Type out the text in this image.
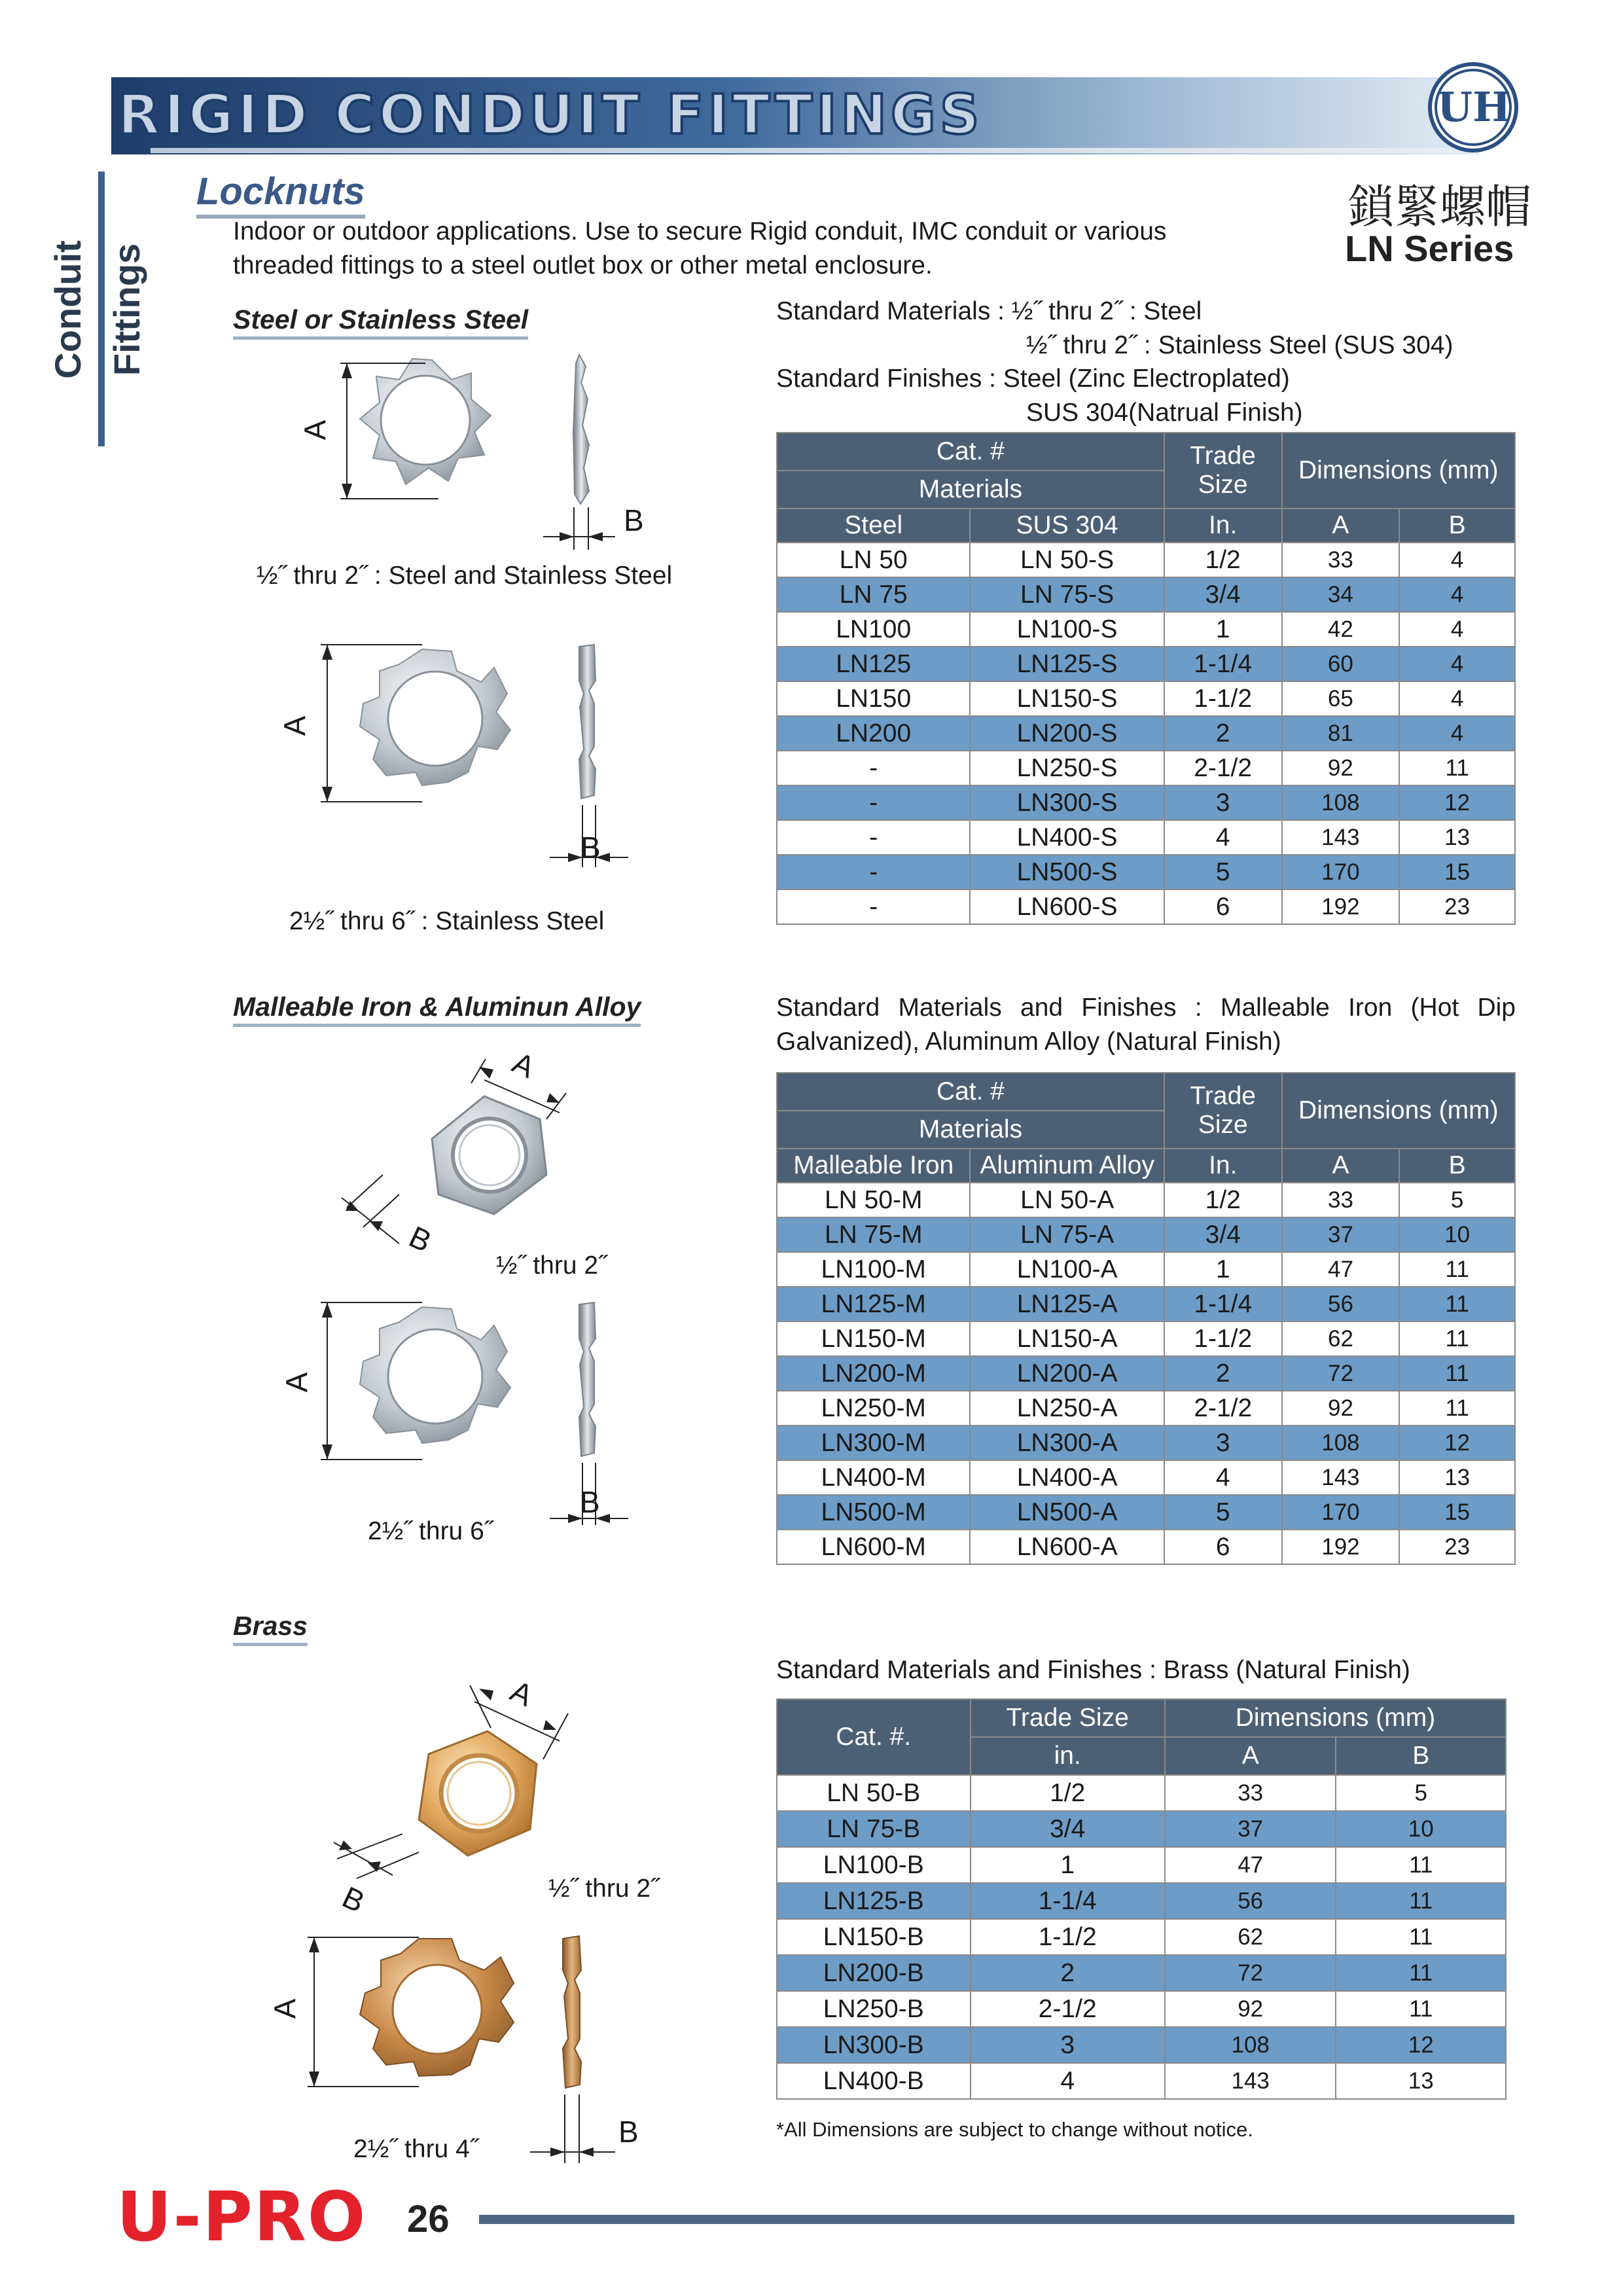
RIGID CONDUIT FITTINGS	UH
Conduit Fittings
Locknuts
Indoor or outdoor applications. Use to secure Rigid conduit, IMC conduit or various
threaded fittings to a steel outlet box or other metal enclosure.
鎖緊螺帽
LN Series
Steel or Stainless Steel
A
B
½˝ thru 2˝ : Steel and Stainless Steel
A
B
2½˝ thru 6˝ : Stainless Steel
Standard Materials : ½˝ thru 2˝ : Steel
½˝ thru 2˝ : Stainless Steel (SUS 304)
Standard Finishes : Steel (Zinc Electroplated)
SUS 304(Natrual Finish)
Cat. #		Trade Size	Dimensions (mm)	
Materials				
Steel	SUS 304	In.	A	B
LN 50	LN 50-S	1/2	33	4
LN 75	LN 75-S	3/4	34	4
LN100	LN100-S	1	42	4
LN125	LN125-S	1-1/4	60	4
LN150	LN150-S	1-1/2	65	4
LN200	LN200-S	2	81	4
-	LN250-S	2-1/2	92	11
-	LN300-S	3	108	12
-	LN400-S	4	143	13
-	LN500-S	5	170	15
-	LN600-S	6	192	23
Malleable Iron & Aluminun Alloy
A
B
½˝ thru 2˝
A
B
2½˝ thru 6˝
Standard Materials and Finishes : Malleable Iron (Hot Dip
Galvanized), Aluminum Alloy (Natural Finish)
Cat. #		Trade Size	Dimensions (mm)	
Materials				
Malleable Iron	Aluminum Alloy	In.	A	B
LN 50-M	LN 50-A	1/2	33	5
LN 75-M	LN 75-A	3/4	37	10
LN100-M	LN100-A	1	47	11
LN125-M	LN125-A	1-1/4	56	11
LN150-M	LN150-A	1-1/2	62	11
LN200-M	LN200-A	2	72	11
LN250-M	LN250-A	2-1/2	92	11
LN300-M	LN300-A	3	108	12
LN400-M	LN400-A	4	143	13
LN500-M	LN500-A	5	170	15
LN600-M	LN600-A	6	192	23
Brass
A
B	½˝ thru 2˝
A
B
2½˝ thru 4˝
Standard Materials and Finishes : Brass (Natural Finish)
Cat. #.	Trade Size	Dimensions (mm)	
	in.	A	B
LN 50-B	1/2	33	5
LN 75-B	3/4	37	10
LN100-B	1	47	11
LN125-B	1-1/4	56	11
LN150-B	1-1/2	62	11
LN200-B	2	72	11
LN250-B	2-1/2	92	11
LN300-B	3	108	12
LN400-B	4	143	13
*All Dimensions are subject to change without notice.
U-PRO 26
